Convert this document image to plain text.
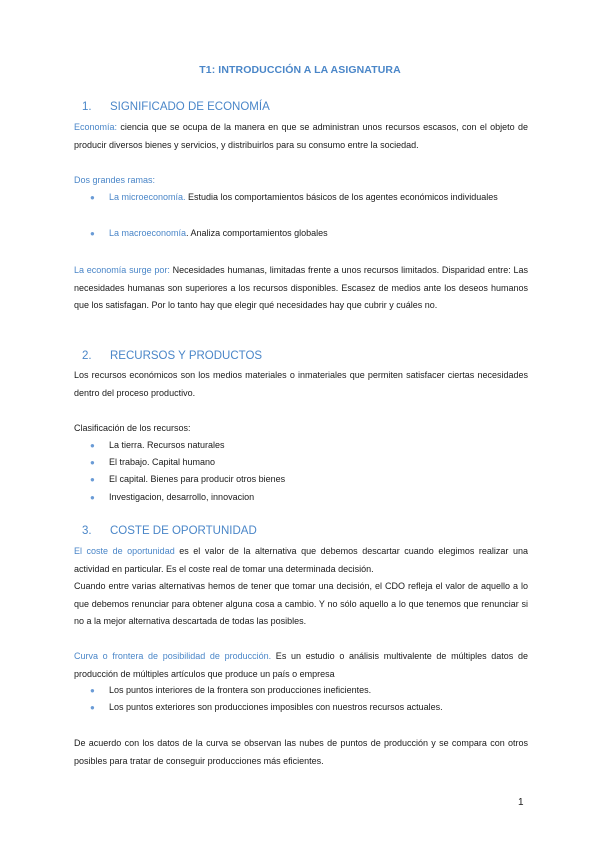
T1: INTRODUCCIÓN A LA ASIGNATURA
1. SIGNIFICADO DE ECONOMÍA
Economía: ciencia que se ocupa de la manera en que se administran unos recursos escasos, con el objeto de producir diversos bienes y servicios, y distribuirlos para su consumo entre la sociedad.
Dos grandes ramas:
● La microeconomía. Estudia los comportamientos básicos de los agentes económicos individuales
● La macroeconomía. Analiza comportamientos globales
La economía surge por: Necesidades humanas, limitadas frente a unos recursos limitados. Disparidad entre: Las necesidades humanas son superiores a los recursos disponibles. Escasez de medios ante los deseos humanos que los satisfagan. Por lo tanto hay que elegir qué necesidades hay que cubrir y cuáles no.
2. RECURSOS Y PRODUCTOS
Los recursos económicos son los medios materiales o inmateriales que permiten satisfacer ciertas necesidades dentro del proceso productivo.
Clasificación de los recursos:
● La tierra. Recursos naturales
● El trabajo. Capital humano
● El capital. Bienes para producir otros bienes
● Investigacion, desarrollo, innovacion
3. COSTE DE OPORTUNIDAD
El coste de oportunidad es el valor de la alternativa que debemos descartar cuando elegimos realizar una actividad en particular. Es el coste real de tomar una determinada decisión.
Cuando entre varias alternativas hemos de tener que tomar una decisión, el CDO refleja el valor de aquello a lo que debemos renunciar para obtener alguna cosa a cambio. Y no sólo aquello a lo que tenemos que renunciar si no a la mejor alternativa descartada de todas las posibles.
Curva o frontera de posibilidad de producción. Es un estudio o análisis multivalente de múltiples datos de producción de múltiples artículos que produce un país o empresa
● Los puntos interiores de la frontera son producciones ineficientes.
● Los puntos exteriores son producciones imposibles con nuestros recursos actuales.
De acuerdo con los datos de la curva se observan las nubes de puntos de producción y se compara con otros posibles para tratar de conseguir producciones más eficientes.
1
